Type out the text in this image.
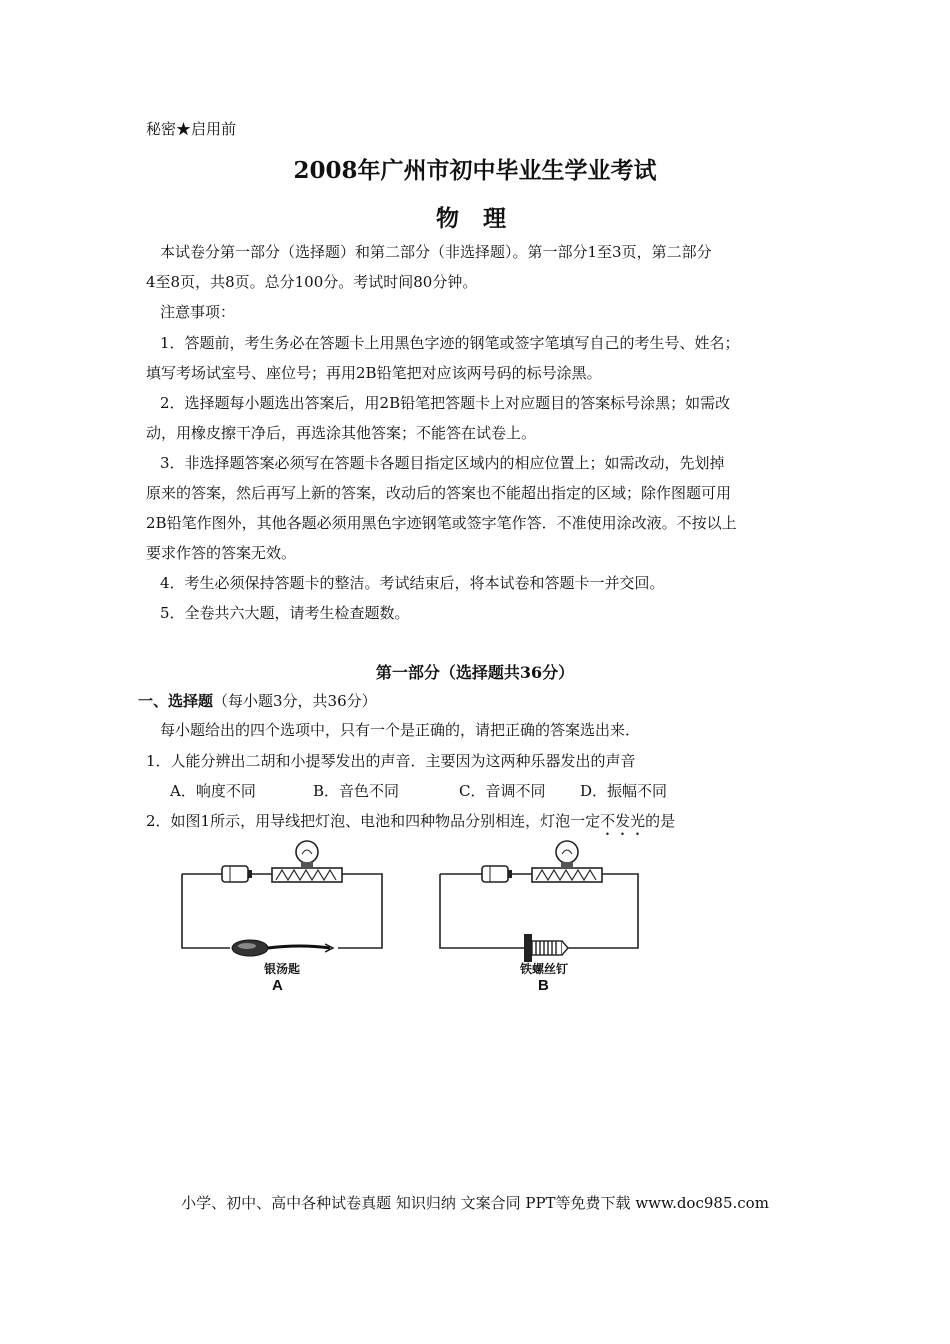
秘密★启用前
2008年广州市初中毕业生学业考试
物 理
本试卷分第一部分（选择题）和第二部分（非选择题）。第一部分1至3页，第二部分
4至8页，共8页。总分100分。考试时间80分钟。
注意事项：
1．答题前，考生务必在答题卡上用黑色字迹的钢笔或签字笔填写自己的考生号、姓名；
填写考场试室号、座位号；再用2B铅笔把对应该两号码的标号涂黑。
2．选择题每小题选出答案后，用2B铅笔把答题卡上对应题目的答案标号涂黑；如需改
动，用橡皮擦干净后，再选涂其他答案；不能答在试卷上。
3．非选择题答案必须写在答题卡各题目指定区域内的相应位置上；如需改动，先划掉
原来的答案，然后再写上新的答案，改动后的答案也不能超出指定的区域；除作图题可用
2B铅笔作图外，其他各题必须用黑色字迹钢笔或签字笔作答．不准使用涂改液。不按以上
要求作答的答案无效。
4．考生必须保持答题卡的整洁。考试结束后，将本试卷和答题卡一并交回。
5．全卷共六大题，请考生检查题数。
第一部分（选择题共36分）
一、选择题（每小题3分，共36分）
每小题给出的四个选项中，只有一个是正确的，请把正确的答案选出来．
1．人能分辨出二胡和小提琴发出的声音．主要因为这两种乐器发出的声音
A．响度不同	B．音色不同	C．音调不同 D．振幅不同
2．如图1所示，用导线把灯泡、电池和四种物品分别相连，灯泡一定不发光的是
银汤匙
A
铁螺丝钉
B
小学、初中、高中各种试卷真题 知识归纳 文案合同 PPT等免费下载 www.doc985.com
